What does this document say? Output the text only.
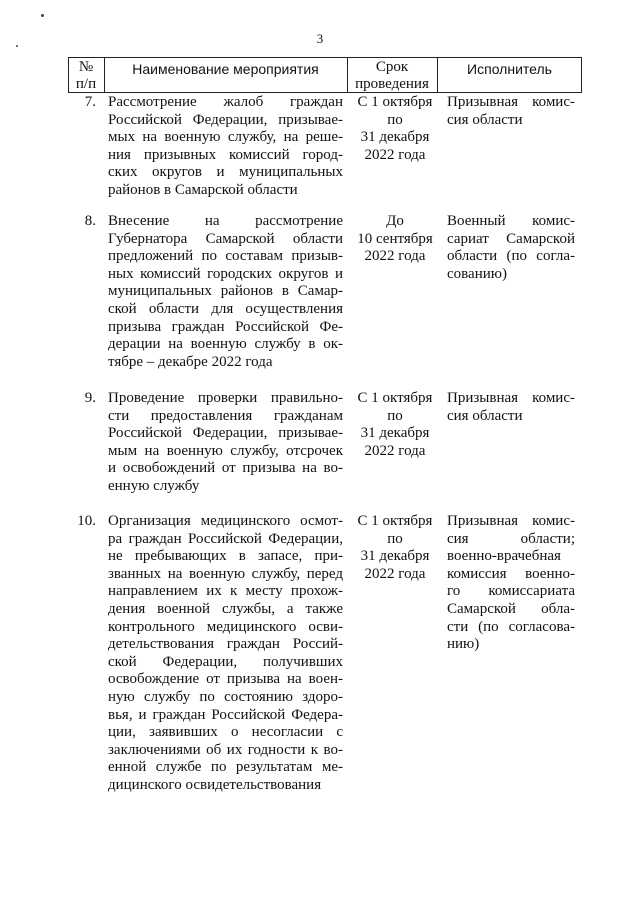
3
№
п/п
Наименование мероприятия	Срок
проведения
Исполнитель
7. Рассмотрение жалоб граждан
Российской Федерации, призывае-
мых на военную службу, на реше-
ния призывных комиссий город-
ских округов и муниципальных
районов в Самарской области
С 1 октября
по
31 декабря
2022 года
Призывная комис-
сия области
8. Внесение на рассмотрение
Губернатора Самарской области
предложений по составам призыв-
ных комиссий городских округов и
муниципальных районов в Самар-
ской области для осуществления
призыва граждан Российской Фе-
дерации на военную службу в ок-
тябре – декабре 2022 года
До
10 сентября
2022 года
Военный комис-
сариат Самарской
области (по согла-
сованию)
9. Проведение проверки правильно-
сти предоставления гражданам
Российской Федерации, призывае-
мым на военную службу, отсрочек
и освобождений от призыва на во-
енную службу
С 1 октября
по
31 декабря
2022 года
Призывная комис-
сия области
10. Организация медицинского осмот-
ра граждан Российской Федерации,
не пребывающих в запасе, при-
званных на военную службу, перед
направлением их к месту прохож-
дения военной службы, а также
контрольного медицинского осви-
детельствования граждан Россий-
ской Федерации, получивших
освобождение от призыва на воен-
ную службу по состоянию здоро-
вья, и граждан Российской Федера-
ции, заявивших о несогласии с
заключениями об их годности к во-
енной службе по результатам ме-
дицинского освидетельствования
С 1 октября
по
31 декабря
2022 года
Призывная комис-
сия области;
военно-врачебная
комиссия военно-
го комиссариата
Самарской обла-
сти (по согласова-
нию)
